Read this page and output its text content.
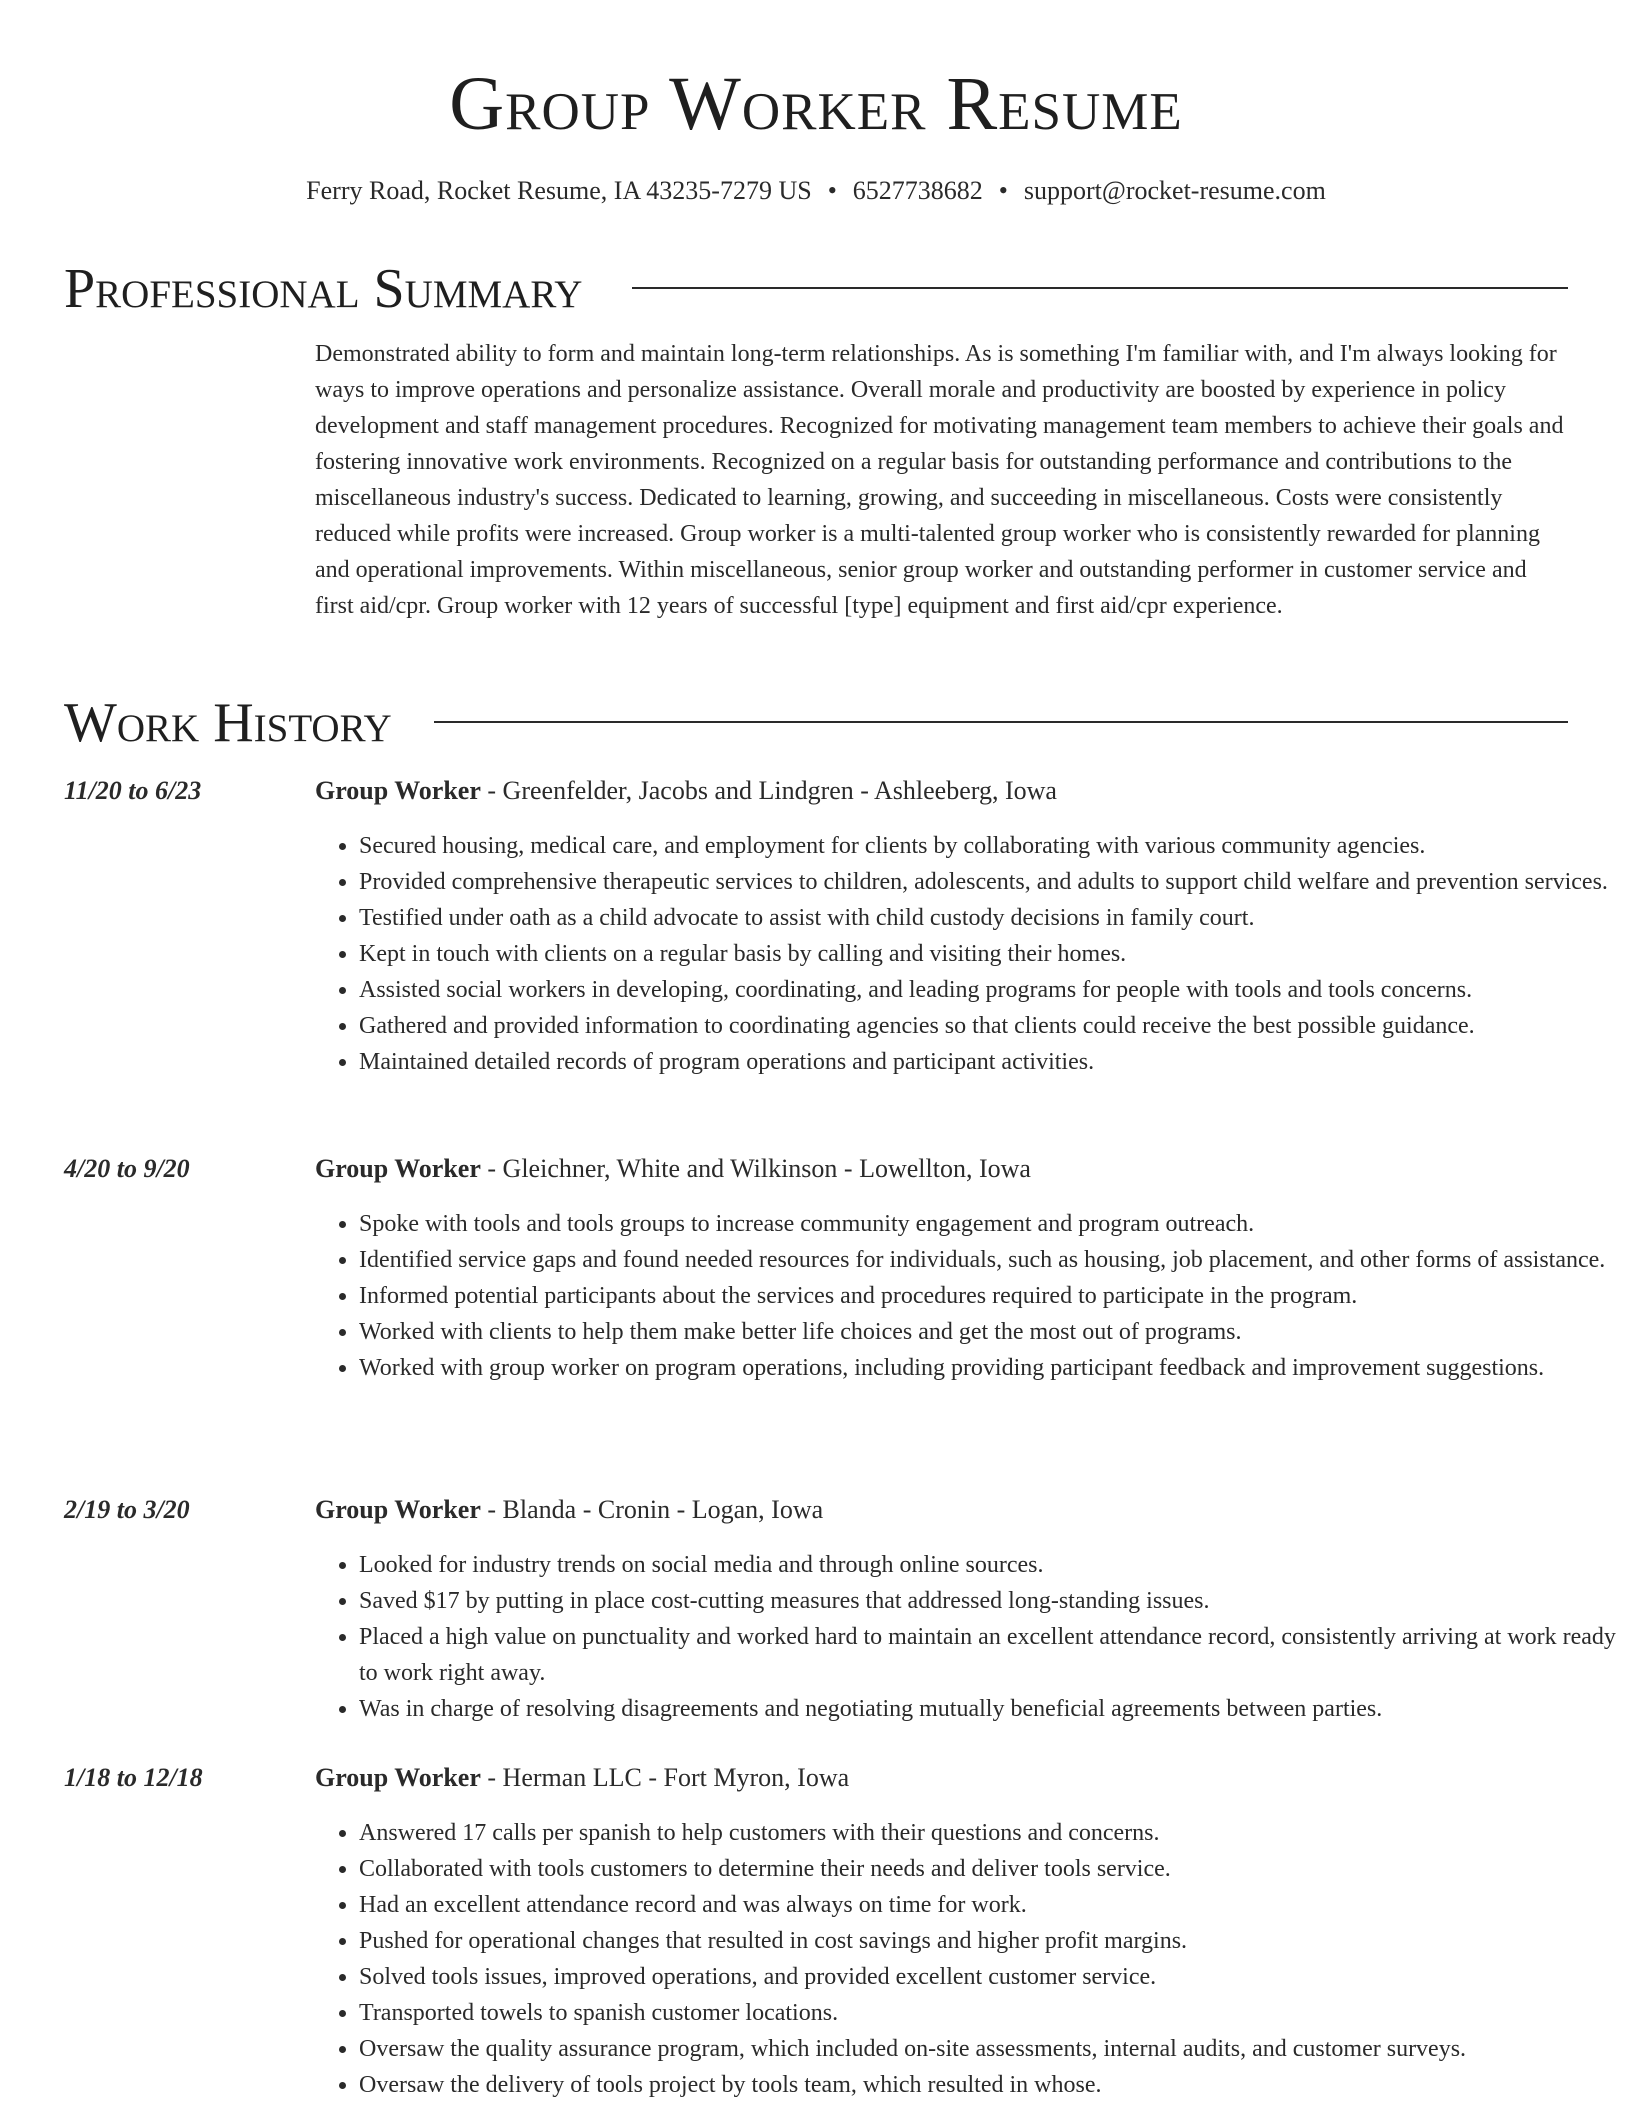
Group Worker Resume
Ferry Road, Rocket Resume, IA 43235-7279 US • 6527738682 • support@rocket-resume.com
Professional Summary

Demonstrated ability to form and maintain long-term relationships. As is something I'm familiar with, and I'm always looking for ways to improve operations and personalize assistance. Overall morale and productivity are boosted by experience in policy development and staff management procedures. Recognized for motivating management team members to achieve their goals and fostering innovative work environments. Recognized on a regular basis for outstanding performance and contributions to the miscellaneous industry's success. Dedicated to learning, growing, and succeeding in miscellaneous. Costs were consistently reduced while profits were increased. Group worker is a multi-talented group worker who is consistently rewarded for planning and operational improvements. Within miscellaneous, senior group worker and outstanding performer in customer service and first aid/cpr. Group worker with 12 years of successful [type] equipment and first aid/cpr experience.

Work History
11/20 to 6/23	Group Worker - Greenfelder, Jacobs and Lindgren - Ashleeberg, Iowa
• Secured housing, medical care, and employment for clients by collaborating with various community agencies.
• Provided comprehensive therapeutic services to children, adolescents, and adults to support child welfare and prevention services.
• Testified under oath as a child advocate to assist with child custody decisions in family court.
• Kept in touch with clients on a regular basis by calling and visiting their homes.
• Assisted social workers in developing, coordinating, and leading programs for people with tools and tools concerns.
• Gathered and provided information to coordinating agencies so that clients could receive the best possible guidance.
• Maintained detailed records of program operations and participant activities.
4/20 to 9/20	Group Worker - Gleichner, White and Wilkinson - Lowellton, Iowa
• Spoke with tools and tools groups to increase community engagement and program outreach.
• Identified service gaps and found needed resources for individuals, such as housing, job placement, and other forms of assistance.
• Informed potential participants about the services and procedures required to participate in the program.
• Worked with clients to help them make better life choices and get the most out of programs.
• Worked with group worker on program operations, including providing participant feedback and improvement suggestions.
2/19 to 3/20	Group Worker - Blanda - Cronin - Logan, Iowa
• Looked for industry trends on social media and through online sources.
• Saved $17 by putting in place cost-cutting measures that addressed long-standing issues.
• Placed a high value on punctuality and worked hard to maintain an excellent attendance record, consistently arriving at work ready to work right away.
• Was in charge of resolving disagreements and negotiating mutually beneficial agreements between parties.
1/18 to 12/18	Group Worker - Herman LLC - Fort Myron, Iowa
• Answered 17 calls per spanish to help customers with their questions and concerns.
• Collaborated with tools customers to determine their needs and deliver tools service.
• Had an excellent attendance record and was always on time for work.
• Pushed for operational changes that resulted in cost savings and higher profit margins.
• Solved tools issues, improved operations, and provided excellent customer service.
• Transported towels to spanish customer locations.
• Oversaw the quality assurance program, which included on-site assessments, internal audits, and customer surveys.
• Oversaw the delivery of tools project by tools team, which resulted in whose.
